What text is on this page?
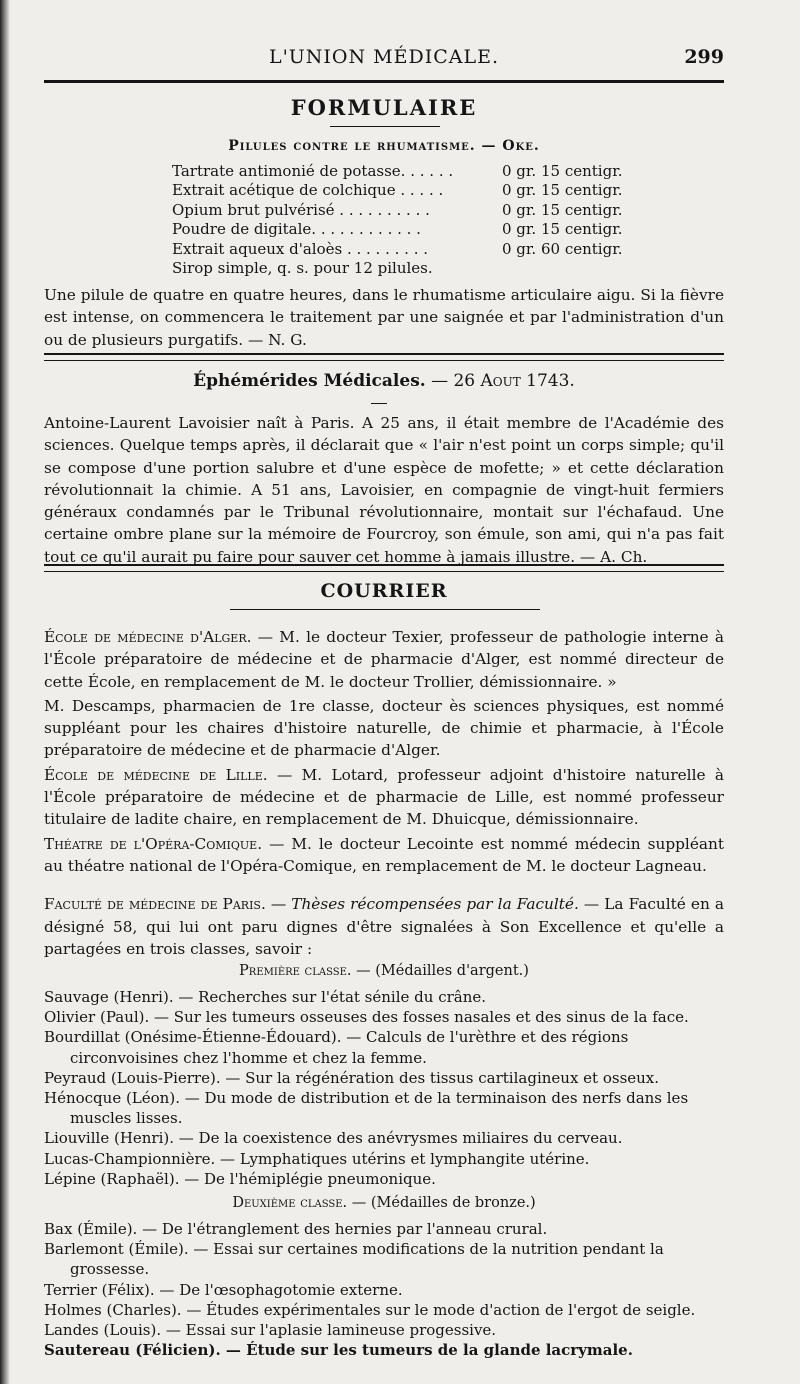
L'UNION MÉDICALE.	299
FORMULAIRE
Pilules contre le rhumatisme. — Oke.
Tartrate antimonié de potasse. . . . . .	0 gr. 15 centigr.
Extrait acétique de colchique . . . . .	0 gr. 15 centigr.
Opium brut pulvérisé . . . . . . . . . .	0 gr. 15 centigr.
Poudre de digitale. . . . . . . . . . . .	0 gr. 15 centigr.
Extrait aqueux d'aloès . . . . . . . . .	0 gr. 60 centigr.
Sirop simple, q. s. pour 12 pilules.

Une pilule de quatre en quatre heures, dans le rhumatisme articulaire aigu. Si la fièvre est intense, on commencera le traitement par une saignée et par l'administration d'un ou de plusieurs purgatifs. — N. G.

Éphémérides Médicales. — 26 Aout 1743.

Antoine-Laurent Lavoisier naît à Paris. A 25 ans, il était membre de l'Académie des sciences. Quelque temps après, il déclarait que « l'air n'est point un corps simple; qu'il se compose d'une portion salubre et d'une espèce de mofette; » et cette déclaration révolutionnait la chimie. A 51 ans, Lavoisier, en compagnie de vingt-huit fermiers généraux condamnés par le Tribunal révolutionnaire, montait sur l'échafaud. Une certaine ombre plane sur la mémoire de Fourcroy, son émule, son ami, qui n'a pas fait tout ce qu'il aurait pu faire pour sauver cet homme à jamais illustre. — A. Ch.

COURRIER

École de médecine d'Alger. — M. le docteur Texier, professeur de pathologie interne à l'École préparatoire de médecine et de pharmacie d'Alger, est nommé directeur de cette École, en remplacement de M. le docteur Trollier, démissionnaire. »

M. Descamps, pharmacien de 1re classe, docteur ès sciences physiques, est nommé suppléant pour les chaires d'histoire naturelle, de chimie et pharmacie, à l'École préparatoire de médecine et de pharmacie d'Alger.

École de médecine de Lille. — M. Lotard, professeur adjoint d'histoire naturelle à l'École préparatoire de médecine et de pharmacie de Lille, est nommé professeur titulaire de ladite chaire, en remplacement de M. Dhuicque, démissionnaire.

Théatre de l'Opéra-Comique. — M. le docteur Lecointe est nommé médecin suppléant au théatre national de l'Opéra-Comique, en remplacement de M. le docteur Lagneau.

Faculté de médecine de Paris. — Thèses récompensées par la Faculté. — La Faculté en a désigné 58, qui lui ont paru dignes d'être signalées à Son Excellence et qu'elle a partagées en trois classes, savoir :

Première classe. — (Médailles d'argent.)
Sauvage (Henri). — Recherches sur l'état sénile du crâne.
Olivier (Paul). — Sur les tumeurs osseuses des fosses nasales et des sinus de la face.
Bourdillat (Onésime-Étienne-Édouard). — Calculs de l'urèthre et des régions circonvoisines chez l'homme et chez la femme.
Peyraud (Louis-Pierre). — Sur la régénération des tissus cartilagineux et osseux.
Hénocque (Léon). — Du mode de distribution et de la terminaison des nerfs dans les muscles lisses.
Liouville (Henri). — De la coexistence des anévrysmes miliaires du cerveau.
Lucas-Championnière. — Lymphatiques utérins et lymphangite utérine.
Lépine (Raphaël). — De l'hémiplégie pneumonique.
Deuxième classe. — (Médailles de bronze.)
Bax (Émile). — De l'étranglement des hernies par l'anneau crural.
Barlemont (Émile). — Essai sur certaines modifications de la nutrition pendant la grossesse.
Terrier (Félix). — De l'œsophagotomie externe.
Holmes (Charles). — Études expérimentales sur le mode d'action de l'ergot de seigle.
Landes (Louis). — Essai sur l'aplasie lamineuse progessive.
Sautereau (Félicien). — Étude sur les tumeurs de la glande lacrymale.
